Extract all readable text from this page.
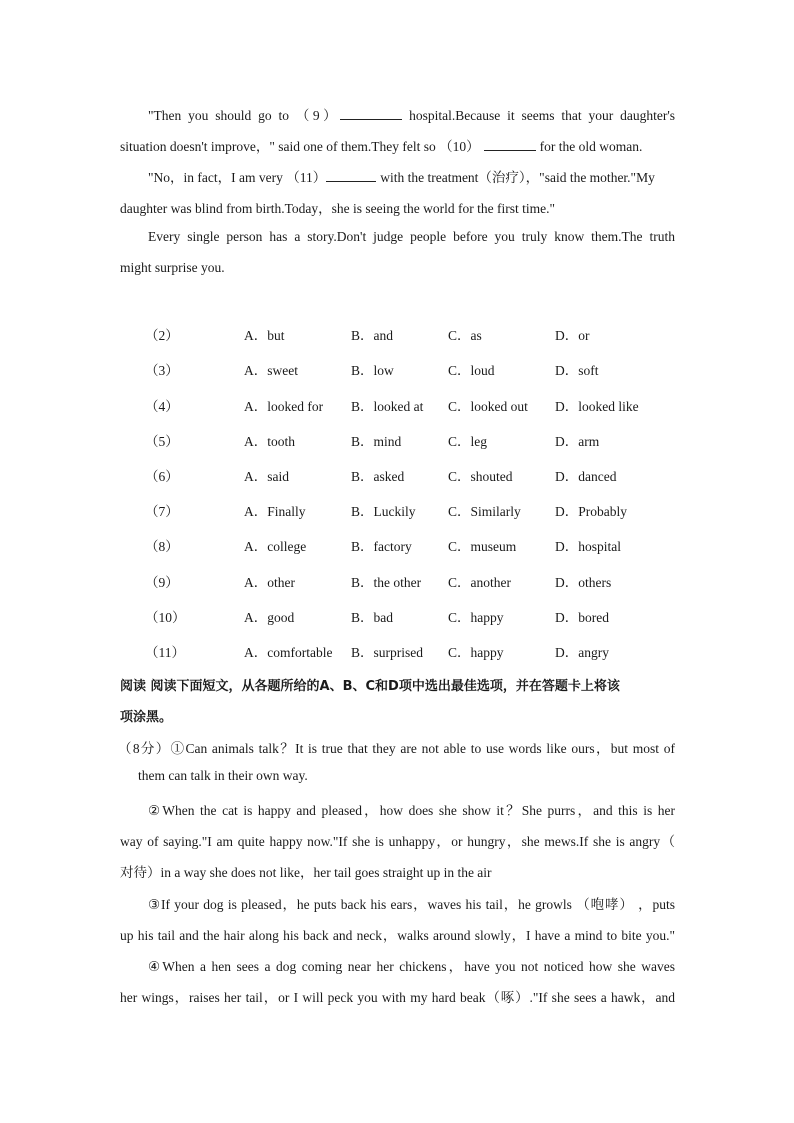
"Then you should go to （9）	hospital.Because it seems that your daughter's
situation doesn't improve，" said one of them.They felt so （10）	for the old woman.
"No，in fact，I am very （11）	with the treatment（治疗），"said the mother."My
daughter was blind from birth.Today，she is seeing the world for the first time."
Every single person has a story.Don't judge people before you truly know them.The truth
might surprise you.
（2）	A．but	B．and	C．as	D．or
（3）	A．sweet	B．low	C．loud	D．soft
（4）	A．looked for B．looked at C．looked out D．looked like
（5）	A．tooth	B．mind	C．leg	D．arm
（6）	A．said	B．asked	C．shouted	D．danced
（7）	A．Finally	B．Luckily C．Similarly	D．Probably
（8）	A．college	B．factory	C．museum	D．hospital
（9）	A．other	B．the other C．another	D．others
（10）	A．good	B．bad	C．happy	D．bored
（11）	A．comfortable B．surprised C．happy	D．angry
阅读 阅读下面短文，从各题所给的A、B、C和D项中选出最佳选项，并在答题卡上将该
项涂黑。
（8分）①Can animals talk？It is true that they are not able to use words like ours，but most of
them can talk in their own way.
②When the cat is happy and pleased，how does she show it？She purrs，and this is her
way of saying."I am quite happy now."If she is unhappy，or hungry，she mews.If she is angry（
对待）in a way she does not like，her tail goes straight up in the air
③If your dog is pleased，he puts back his ears，waves his tail，he growls （咆哮） ，puts
up his tail and the hair along his back and neck，walks around slowly，I have a mind to bite you."
④When a hen sees a dog coming near her chickens，have you not noticed how she waves
her wings，raises her tail，or I will peck you with my hard beak（啄）."If she sees a hawk，and
